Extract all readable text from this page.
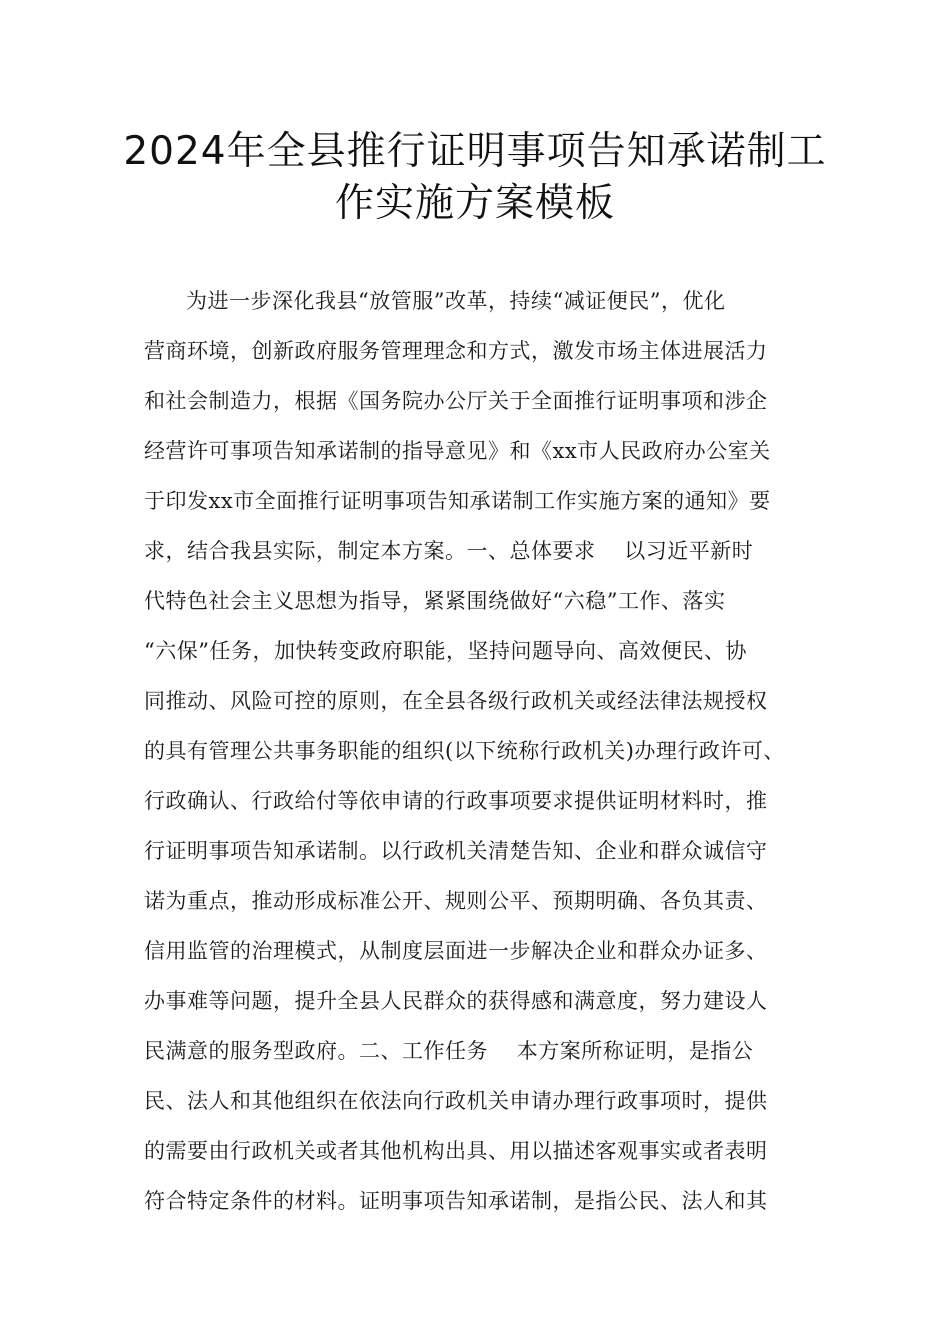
2024年全县推行证明事项告知承诺制工
作实施方案模板
为进一步深化我县“放管服”改革，持续“减证便民”，优化
营商环境，创新政府服务管理理念和方式，激发市场主体进展活力
和社会制造力，根据《国务院办公厅关于全面推行证明事项和涉企
经营许可事项告知承诺制的指导意见》和《xx市人民政府办公室关
于印发xx市全面推行证明事项告知承诺制工作实施方案的通知》要
求，结合我县实际，制定本方案。一、总体要求    以习近平新时
代特色社会主义思想为指导，紧紧围绕做好“六稳”工作、落实
“六保”任务，加快转变政府职能，坚持问题导向、高效便民、协
同推动、风险可控的原则，在全县各级行政机关或经法律法规授权
的具有管理公共事务职能的组织(以下统称行政机关)办理行政许可、
行政确认、行政给付等依申请的行政事项要求提供证明材料时，推
行证明事项告知承诺制。以行政机关清楚告知、企业和群众诚信守
诺为重点，推动形成标准公开、规则公平、预期明确、各负其责、
信用监管的治理模式，从制度层面进一步解决企业和群众办证多、
办事难等问题，提升全县人民群众的获得感和满意度，努力建设人
民满意的服务型政府。二、工作任务    本方案所称证明，是指公
民、法人和其他组织在依法向行政机关申请办理行政事项时，提供
的需要由行政机关或者其他机构出具、用以描述客观事实或者表明
符合特定条件的材料。证明事项告知承诺制，是指公民、法人和其
